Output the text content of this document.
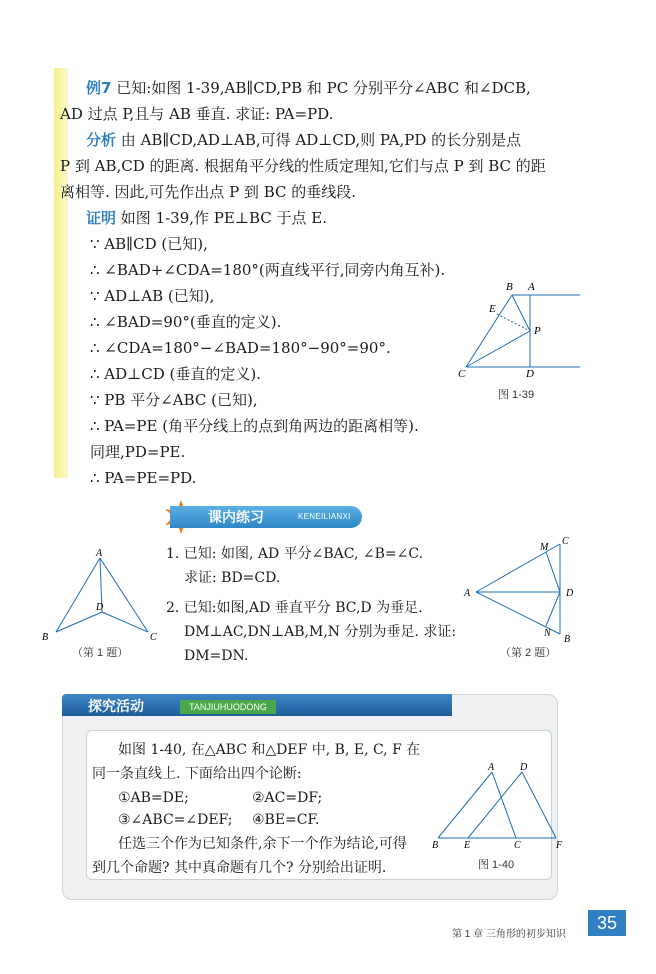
例7 已知:如图 1-39,AB∥CD,PB 和 PC 分别平分∠ABC 和∠DCB,
AD 过点 P,且与 AB 垂直. 求证: PA=PD.
分析 由 AB∥CD,AD⊥AB,可得 AD⊥CD,则 PA,PD 的长分别是点
P 到 AB,CD 的距离. 根据角平分线的性质定理知,它们与点 P 到 BC 的距
离相等. 因此,可先作出点 P 到 BC 的垂线段.
证明 如图 1-39,作 PE⊥BC 于点 E.
∵ AB∥CD (已知),
∴ ∠BAD+∠CDA=180°(两直线平行,同旁内角互补).
∵ AD⊥AB (已知),
∴ ∠BAD=90°(垂直的定义).
∴ ∠CDA=180°−∠BAD=180°−90°=90°.
∴ AD⊥CD (垂直的定义).
∵ PB 平分∠ABC (已知),
∴ PA=PE (角平分线上的点到角两边的距离相等).
同理,PD=PE.
∴ PA=PE=PD.
B A
E
P
C	D
图 1-39
课内练习	KENEILIANXI
A
D
B	C
（第 1 题）
1. 已知: 如图, AD 平分∠BAC, ∠B=∠C.
求证: BD=CD.
2. 已知:如图,AD 垂直平分 BC,D 为垂足.
DM⊥AC,DN⊥AB,M,N 分别为垂足. 求证:
DM=DN.
M
C
A	D
N
B
（第 2 题）
探究活动	TANJIUHUODONG
如图 1-40, 在△ABC 和△DEF 中, B, E, C, F 在
同一条直线上. 下面给出四个论断:
①AB=DE;	②AC=DF;
③∠ABC=∠DEF; ④BE=CF.
任选三个作为已知条件,余下一个作为结论,可得
到几个命题? 其中真命题有几个? 分别给出证明.
A	D
B	E	C	F
图 1-40
第 1 章 三角形的初步知识
35
